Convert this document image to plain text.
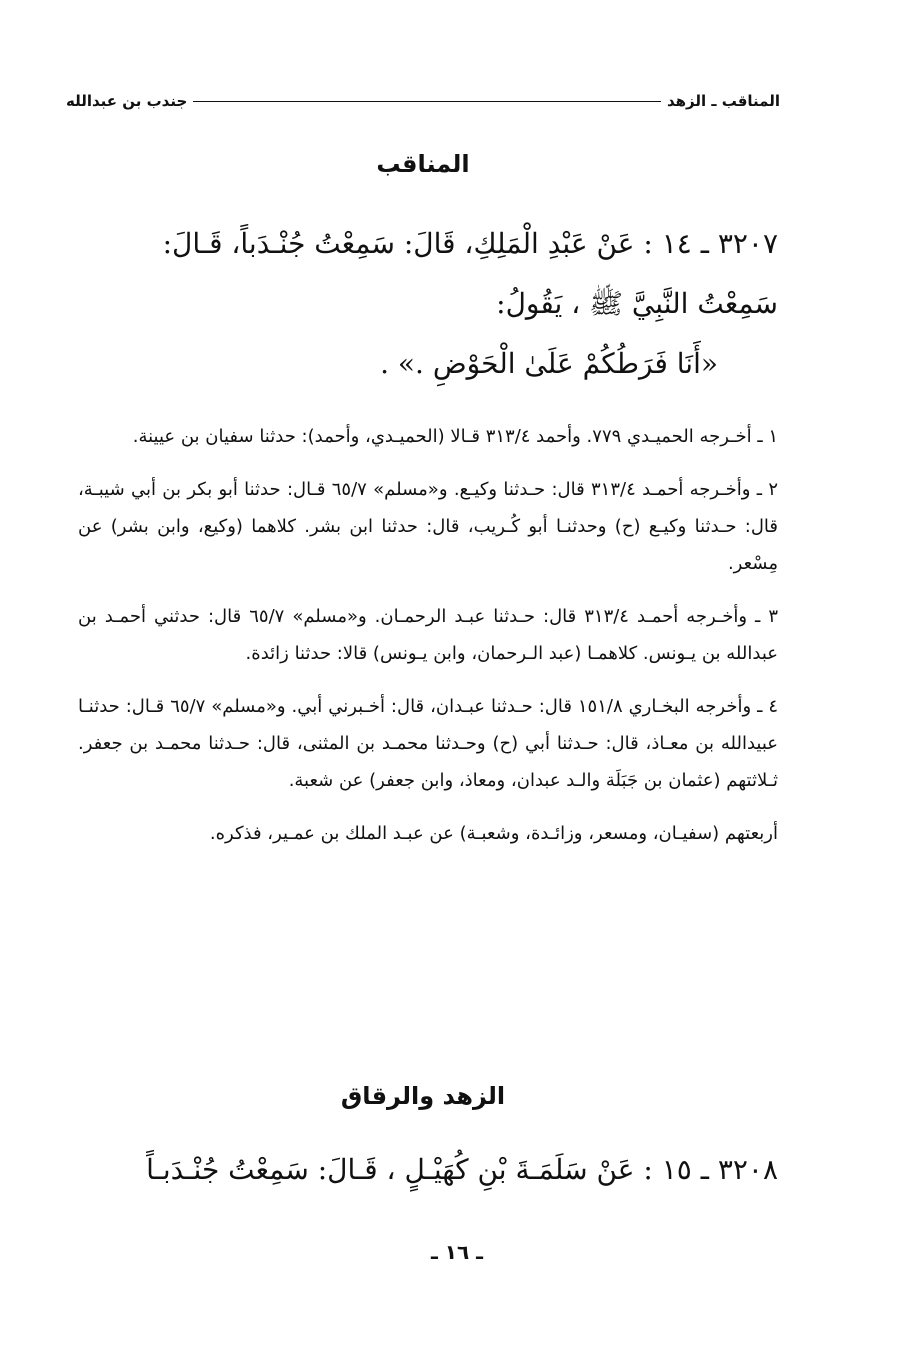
المناقب ـ الزهد
جندب بن عبدالله
المناقب
٣٢٠٧ ـ ١٤ : عَنْ عَبْدِ الْمَلِكِ، قَالَ: سَمِعْتُ جُنْـدَباً، قَـالَ:
سَمِعْتُ النَّبِيَّ ﷺ ، يَقُولُ:
«أَنَا فَرَطُكُمْ عَلَىٰ الْحَوْضِ .» .

١ ـ أخـرجه الحميـدي ٧٧٩. وأحمد ٣١٣/٤ قـالا (الحميـدي، وأحمد): حدثنا سفيان بن عيينة.

٢ ـ وأخـرجه أحمـد ٣١٣/٤ قال: حـدثنا وكيـع. و«مسلم» ٦٥/٧ قـال: حدثنا أبو بكر بن أبي شيبـة، قال: حـدثنا وكيـع (ح) وحدثنـا أبو كُـريب، قال: حدثنا ابن بشر. كلاهما (وكيع، وابن بشر) عن مِسْعر.

٣ ـ وأخـرجه أحمـد ٣١٣/٤ قال: حـدثنا عبـد الرحمـان. و«مسلم» ٦٥/٧ قال: حدثني أحمـد بن عبدالله بن يـونس. كلاهمـا (عبد الـرحمان، وابن يـونس) قالا: حدثنا زائدة.

٤ ـ وأخرجه البخـاري ١٥١/٨ قال: حـدثنا عبـدان، قال: أخـبرني أبي. و«مسلم» ٦٥/٧ قـال: حدثنـا عبيدالله بن معـاذ، قال: حـدثنا أبي (ح) وحـدثنا محمـد بن المثنى، قال: حـدثنا محمـد بن جعفر. ثـلاثتهم (عثمان بن جَبَلَة والـد عبدان، ومعاذ، وابن جعفر) عن شعبة.

أربعتهم (سفيـان، ومسعر، وزائـدة، وشعبـة) عن عبـد الملك بن عمـير، فذكره.

الزهد والرقاق
٣٢٠٨ ـ ١٥ : عَنْ سَلَمَـةَ بْنِ كُهَيْـلٍ ، قَـالَ: سَمِعْتُ جُنْـدَبـاً
ـ ١٦ ـ
